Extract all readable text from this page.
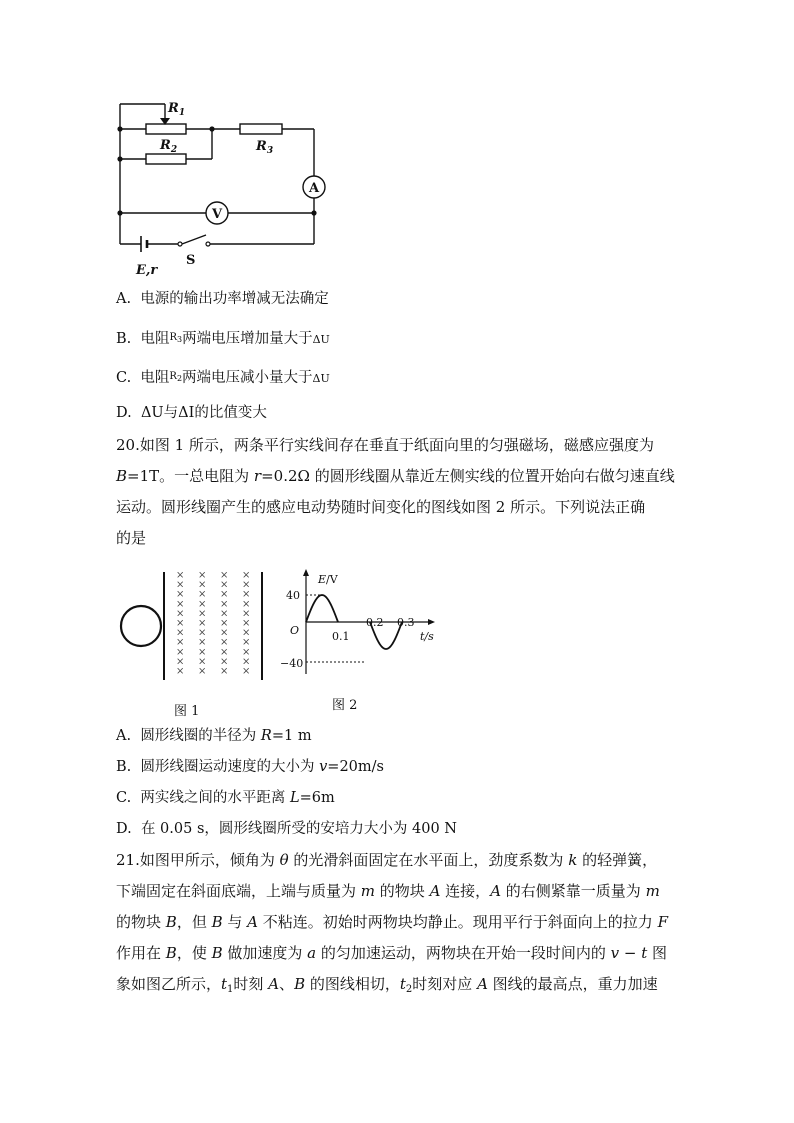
$R_1$
$R_2$	$R_3$
A
V
E,r
S
A. 电源的输出功率增减无法确定
B. 电阻$^R$3两端电压增加量大于ΔU
C. 电阻$^R$2两端电压减小量大于ΔU
D. ΔU与ΔI的比值变大
20.如图 1 所示，两条平行实线间存在垂直于纸面向里的匀强磁场，磁感应强度为
B=1T。一总电阻为 r=0.2Ω 的圆形线圈从靠近左侧实线的位置开始向右做匀速直线
运动。圆形线圈产生的感应电动势随时间变化的图线如图 2 所示。下列说法正确
的是
× × × ×
× × × ×
× × × ×
× × × ×
× × × ×
× × × ×
× × × ×
× × × ×
× × × ×
× × × ×
× × × ×
图 1
E/V
40
−40
O	0.1
0.2 0.3
t/s
图 2
A. 圆形线圈的半径为 R=1 m
B. 圆形线圈运动速度的大小为 v=20m/s
C. 两实线之间的水平距离 L=6m
D. 在 0.05 s，圆形线圈所受的安培力大小为 400 N
21.如图甲所示，倾角为 θ 的光滑斜面固定在水平面上，劲度系数为 k 的轻弹簧，
下端固定在斜面底端，上端与质量为 m 的物块 A 连接，A 的右侧紧靠一质量为 m
的物块 B，但 B 与 A 不粘连。初始时两物块均静止。现用平行于斜面向上的拉力 F
作用在 B，使 B 做加速度为 a 的匀加速运动，两物块在开始一段时间内的 v − t 图
象如图乙所示，$t_1$时刻 A、B 的图线相切，$t_2$时刻对应 A 图线的最高点，重力加速
